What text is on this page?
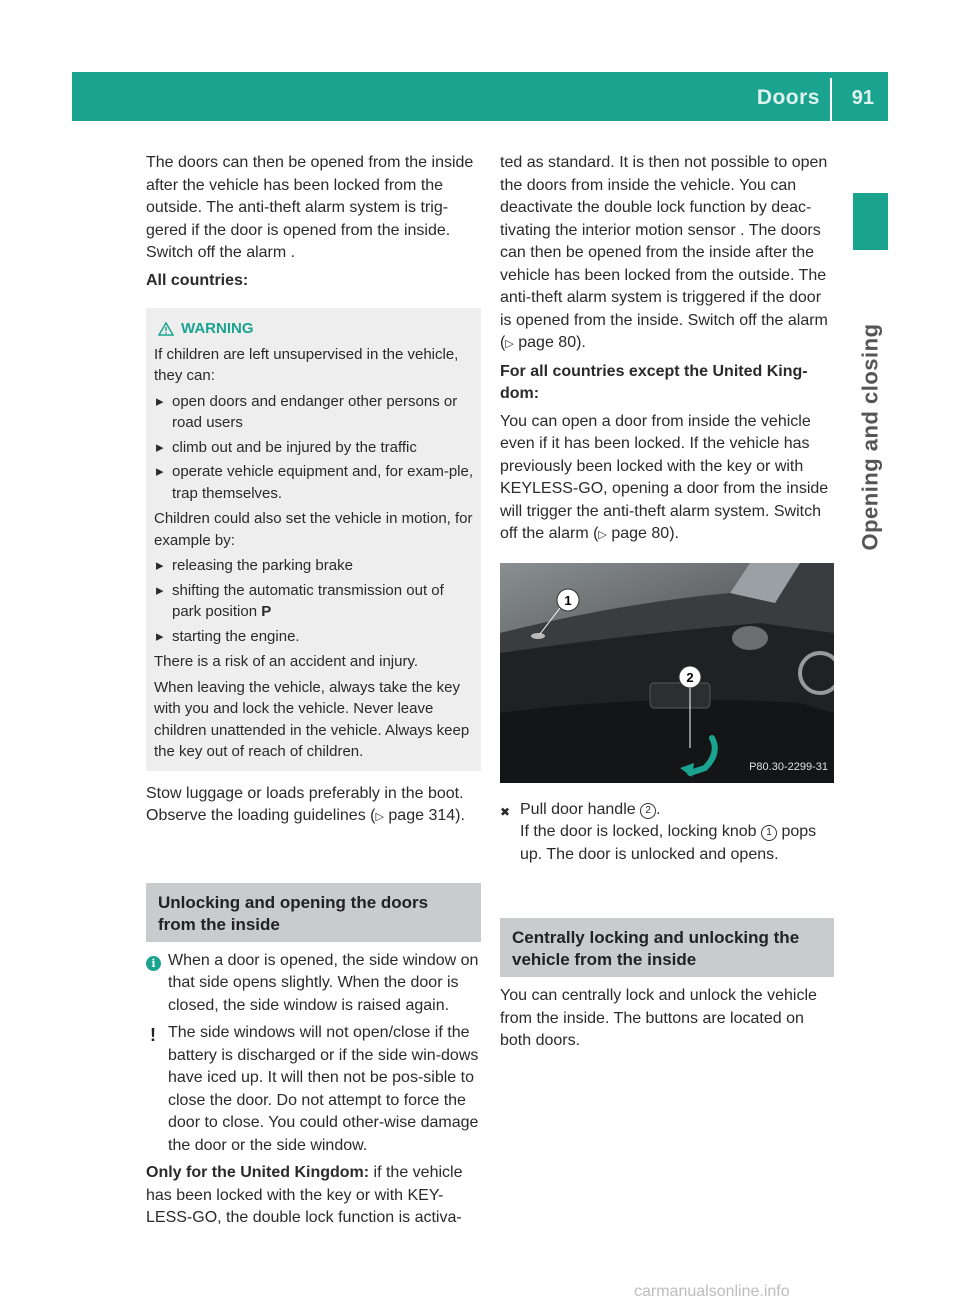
Doors 91
Opening and closing

The doors can then be opened from the inside after the vehicle has been locked from the outside. The anti-theft alarm system is trig-gered if the door is opened from the inside. Switch off the alarm .

All countries:

WARNING
If children are left unsupervised in the vehicle, they can:
▸ open doors and endanger other persons or road users
▸ climb out and be injured by the traffic
▸ operate vehicle equipment and, for exam-ple, trap themselves.
Children could also set the vehicle in motion, for example by:
▸ releasing the parking brake
▸ shifting the automatic transmission out of park position P
▸ starting the engine.
There is a risk of an accident and injury.
When leaving the vehicle, always take the key with you and lock the vehicle. Never leave children unattended in the vehicle. Always keep the key out of reach of children.

Stow luggage or loads preferably in the boot. Observe the loading guidelines (▷ page 314).

Unlocking and opening the doors from the inside
i When a door is opened, the side window on that side opens slightly. When the door is closed, the side window is raised again.
! The side windows will not open/close if the battery is discharged or if the side win-dows have iced up. It will then not be pos-sible to close the door. Do not attempt to force the door to close. You could other-wise damage the door or the side window.

Only for the United Kingdom: if the vehicle has been locked with the key or with KEY-LESS-GO, the double lock function is activa-

ted as standard. It is then not possible to open the doors from inside the vehicle. You can deactivate the double lock function by deac-tivating the interior motion sensor . The doors can then be opened from the inside after the vehicle has been locked from the outside. The anti-theft alarm system is triggered if the door is opened from the inside. Switch off the alarm (▷ page 80).

For all countries except the United King-dom:

You can open a door from inside the vehicle even if it has been locked. If the vehicle has previously been locked with the key or with KEYLESS-GO, opening a door from the inside will trigger the anti-theft alarm system. Switch off the alarm (▷ page 80).

1
2
P80.30-2299-31
✖ Pull door handle 2 .
If the door is locked, locking knob 1 pops up. The door is unlocked and opens.
Centrally locking and unlocking the vehicle from the inside

You can centrally lock and unlock the vehicle from the inside. The buttons are located on both doors.

carmanualsonline.info
